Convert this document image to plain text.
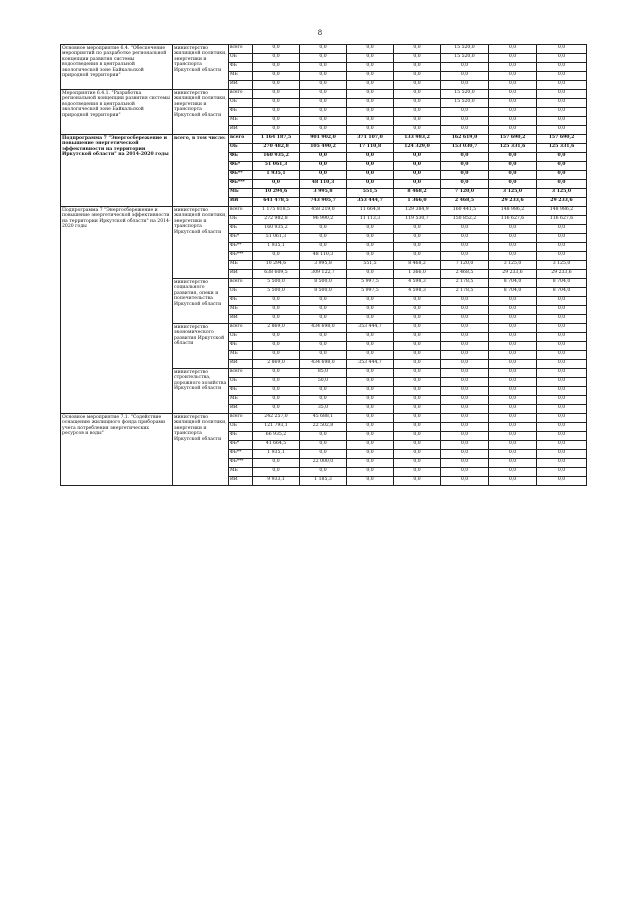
8
Основное мероприятие 6.4. "Обеспечение мероприятий по разработке региональной концепции развития системы водоотведения в центральной экологической зоне Байкальской природной территории"	министерство жилищной политики, энергетики и транспорта Иркутской области	всего	0,0	0,0	0,0	0,0	15 520,0	0,0	0,0
		ОБ	0,0	0,0	0,0	0,0	15 520,0	0,0	0,0
		ФБ	0,0	0,0	0,0	0,0	0,0	0,0	0,0
		МБ	0,0	0,0	0,0	0,0	0,0	0,0	0,0
		ИИ	0,0	0,0	0,0	0,0	0,0	0,0	0,0
Мероприятие 6.4.1. "Разработка региональной концепции развития системы водоотведения в центральной экологической зоне Байкальской природной территории"	министерство жилищной политики, энергетики и транспорта Иркутской области	всего	0,0	0,0	0,0	0,0	15 520,0	0,0	0,0
		ОБ	0,0	0,0	0,0	0,0	15 520,0	0,0	0,0
		ФБ	0,0	0,0	0,0	0,0	0,0	0,0	0,0
		МБ	0,0	0,0	0,0	0,0	0,0	0,0	0,0
		ИИ	0,0	0,0	0,0	0,0	0,0	0,0	0,0
Подпрограмма 7 "Энергосбережение и повышение энергетической эффективности на территории Иркутской области" на 2014-2020 годы	всего, в том числе:	всего	1 164 187,5	901 902,0	371 107,0	133 983,2	162 619,0	157 690,2	157 690,2
		ОБ	270 482,8	105 490,2	17 110,8	124 329,0	153 030,7	125 331,6	125 331,6
		ФБ	160 935,2	0,0	0,0	0,0	0,0	0,0	0,0
		ФБ*	51 061,3	0,0	0,0	0,0	0,0	0,0	0,0
		ФБ**	1 935,1	0,0	0,0	0,0	0,0	0,0	0,0
		ФБ***	0,0	48 110,3	0,0	0,0	0,0	0,0	0,0
		МБ	10 294,6	3 995,8	551,5	8 468,2	7 120,0	3 125,0	3 125,0
		ИИ	641 478,5	743 905,7	353 444,7	1 366,0	2 468,5	29 233,6	29 233,6
Подпрограмма 7 "Энергосбережение и повышение энергетической эффективности на территории Иркутской области" на 2014-2020 годы	министерство жилищной политики, энергетики и транспорта Иркутской области	всего	1 175 818,5	458 219,0	11 664,8	129 384,9	160 441,5	148 986,2	148 986,2
		ОБ	272 982,8	96 990,2	11 113,3	119 530,7	150 852,2	116 627,6	116 627,6
		ФБ	160 935,2	0,0	0,0	0,0	0,0	0,0	0,0
		ФБ*	51 061,3	0,0	0,0	0,0	0,0	0,0	0,0
		ФБ**	1 935,1	0,0	0,0	0,0	0,0	0,0	0,0
		ФБ***	0,0	48 110,3	0,0	0,0	0,0	0,0	0,0
		МБ	10 294,6	3 995,8	551,5	8 468,2	7 120,0	3 125,0	3 125,0
		ИИ	638 609,5	309 122,7	0,0	1 366,0	2 468,5	29 233,6	29 233,6
	министерство социального развития, опеки и попечительства Иркутской области	всего	5 500,0	8 500,0	5 997,5	4 598,3	2 178,5	8 704,0	8 704,0
		ОБ	5 500,0	8 500,0	5 997,5	4 598,3	2 178,5	8 704,0	8 704,0
		ФБ	0,0	0,0	0,0	0,0	0,0	0,0	0,0
		МБ	0,0	0,0	0,0	0,0	0,0	0,0	0,0
		ИИ	0,0	0,0	0,0	0,0	0,0	0,0	0,0
	министерство экономического развития Иркутской области	всего	2 869,0	434 698,0	353 444,7	0,0	0,0	0,0	0,0
		ОБ	0,0	0,0	0,0	0,0	0,0	0,0	0,0
		ФБ	0,0	0,0	0,0	0,0	0,0	0,0	0,0
		МБ	0,0	0,0	0,0	0,0	0,0	0,0	0,0
		ИИ	2 869,0	434 698,0	353 444,7	0,0	0,0	0,0	0,0
	министерство строительства, дорожного хозяйства Иркутской области	всего	0,0	85,0	0,0	0,0	0,0	0,0	0,0
		ОБ	0,0	50,0	0,0	0,0	0,0	0,0	0,0
		ФБ	0,0	0,0	0,0	0,0	0,0	0,0	0,0
		МБ	0,0	0,0	0,0	0,0	0,0	0,0	0,0
		ИИ	0,0	35,0	0,0	0,0	0,0	0,0	0,0
Основное мероприятие 7.1. "Содействие оснащению жилищного фонда приборами учета потребления энергетических ресурсов и воды"	министерство жилищной политики, энергетики и транспорта Иркутской области	всего	242 257,0	45 688,1	0,0	0,0	0,0	0,0	0,0
		ОБ	121 793,1	22 502,8	0,0	0,0	0,0	0,0	0,0
		ФБ	66 935,2	0,0	0,0	0,0	0,0	0,0	0,0
		ФБ*	41 664,5	0,0	0,0	0,0	0,0	0,0	0,0
		ФБ**	1 935,1	0,0	0,0	0,0	0,0	0,0	0,0
		ФБ***	0,0	22 000,0	0,0	0,0	0,0	0,0	0,0
		МБ	0,0	0,0	0,0	0,0	0,0	0,0	0,0
		ИИ	9 933,1	1 185,3	0,0	0,0	0,0	0,0	0,0
